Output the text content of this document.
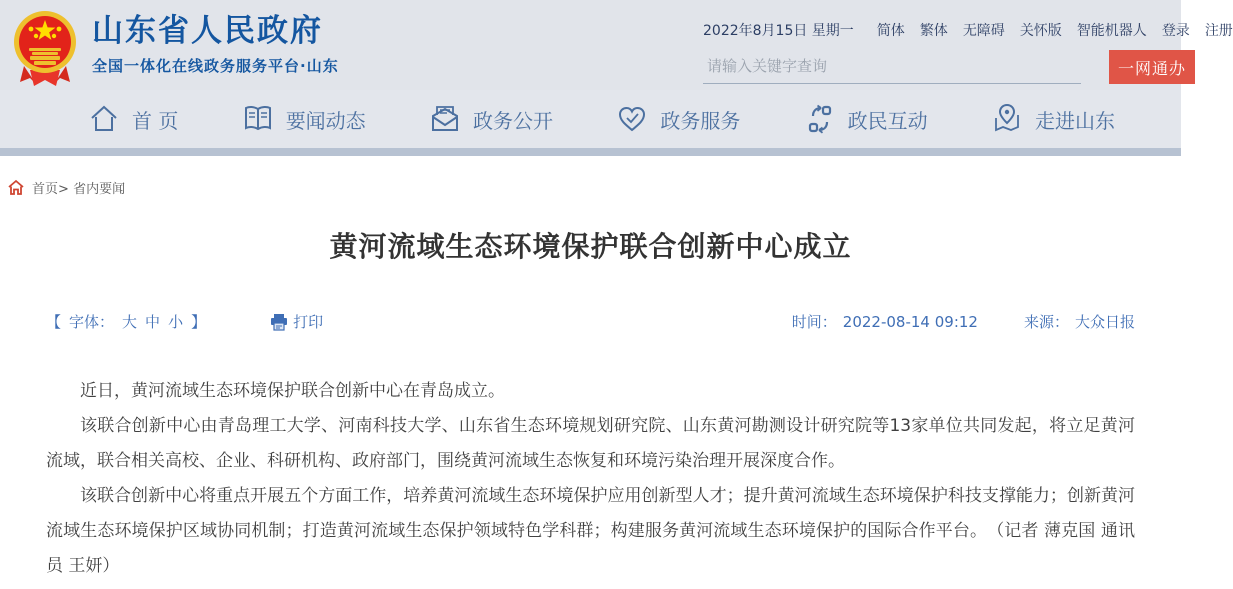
山东省人民政府
全国一体化在线政务服务平台·山东
2022年8月15日 星期一 简体 繁体 无障碍 关怀版 智能机器人 登录 注册
请输入关键字查询
一网通办
首 页	要闻动态	政务公开	政务服务	政民互动	走进山东
首页> 省内要闻
黄河流域生态环境保护联合创新中心成立
【 字体： 大 中 小 】	打印	时间： 2022-08-14 09:12	来源： 大众日报

近日，黄河流域生态环境保护联合创新中心在青岛成立。

该联合创新中心由青岛理工大学、河南科技大学、山东省生态环境规划研究院、山东黄河勘测设计研究院等13家单位共同发起，将立足黄河流域，联合相关高校、企业、科研机构、政府部门，围绕黄河流域生态恢复和环境污染治理开展深度合作。

该联合创新中心将重点开展五个方面工作，培养黄河流域生态环境保护应用创新型人才；提升黄河流域生态环境保护科技支撑能力；创新黄河流域生态环境保护区域协同机制；打造黄河流域生态保护领域特色学科群；构建服务黄河流域生态环境保护的国际合作平台。　（记者 薄克国 通讯员 王妍）
